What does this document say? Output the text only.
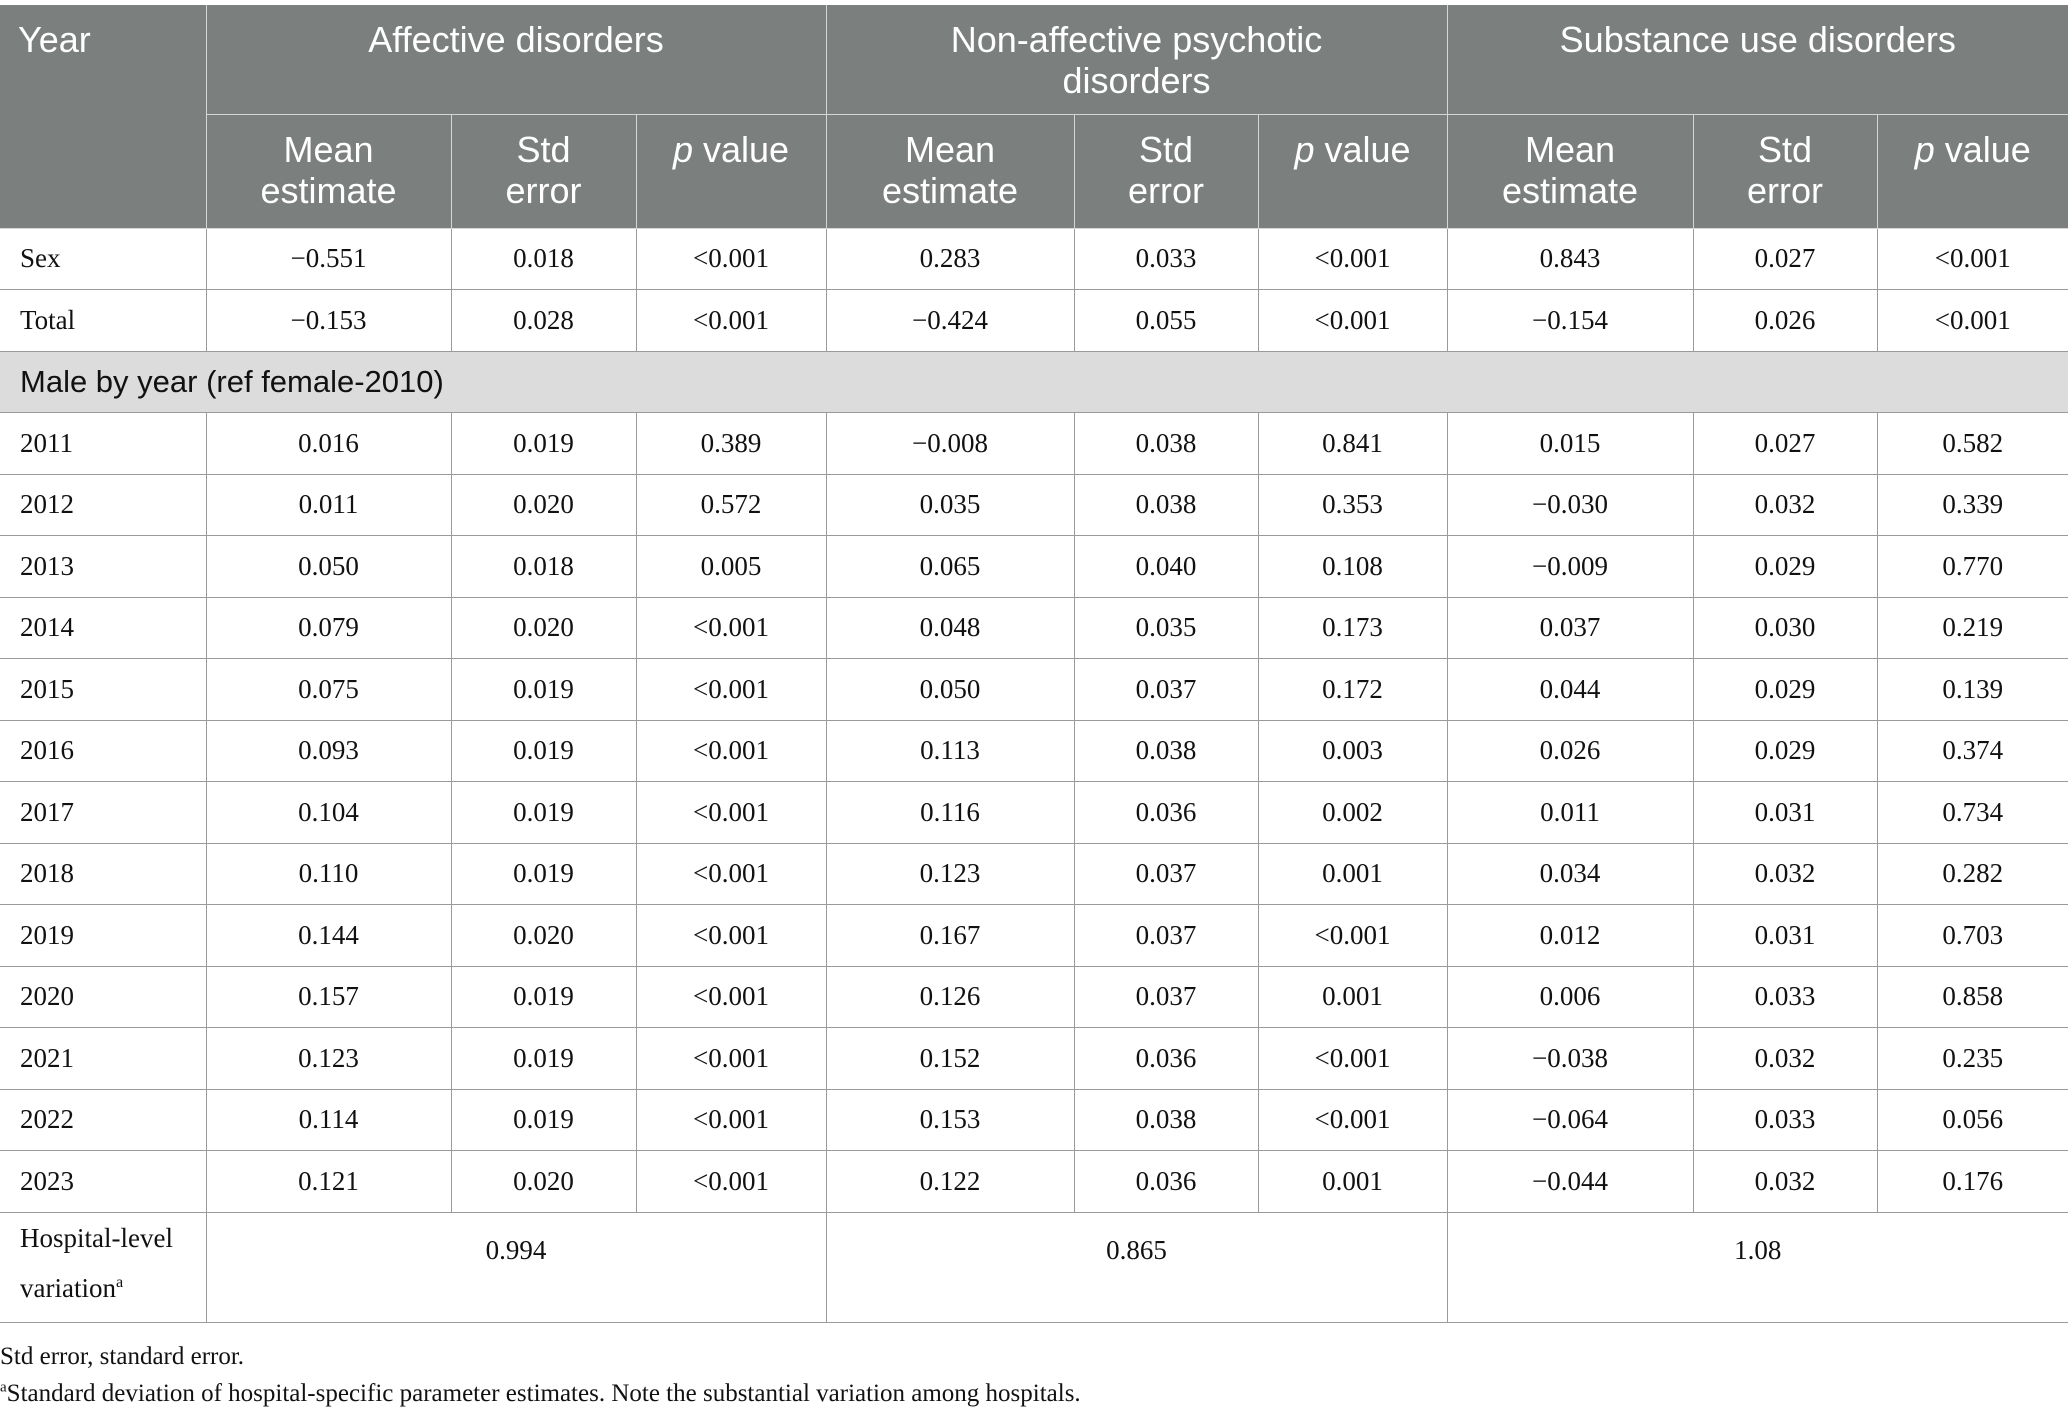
Year	Affective disorders			Non-affective psychotic disorders			Substance use disorders		
	Mean estimate	Std error	p value	Mean estimate	Std error	p value	Mean estimate	Std error	p value
Sex	−0.551	0.018	<0.001	0.283	0.033	<0.001	0.843	0.027	<0.001
Total	−0.153	0.028	<0.001	−0.424	0.055	<0.001	−0.154	0.026	<0.001
Male by year (ref female-2010)									
2011	0.016	0.019	0.389	−0.008	0.038	0.841	0.015	0.027	0.582
2012	0.011	0.020	0.572	0.035	0.038	0.353	−0.030	0.032	0.339
2013	0.050	0.018	0.005	0.065	0.040	0.108	−0.009	0.029	0.770
2014	0.079	0.020	<0.001	0.048	0.035	0.173	0.037	0.030	0.219
2015	0.075	0.019	<0.001	0.050	0.037	0.172	0.044	0.029	0.139
2016	0.093	0.019	<0.001	0.113	0.038	0.003	0.026	0.029	0.374
2017	0.104	0.019	<0.001	0.116	0.036	0.002	0.011	0.031	0.734
2018	0.110	0.019	<0.001	0.123	0.037	0.001	0.034	0.032	0.282
2019	0.144	0.020	<0.001	0.167	0.037	<0.001	0.012	0.031	0.703
2020	0.157	0.019	<0.001	0.126	0.037	0.001	0.006	0.033	0.858
2021	0.123	0.019	<0.001	0.152	0.036	<0.001	−0.038	0.032	0.235
2022	0.114	0.019	<0.001	0.153	0.038	<0.001	−0.064	0.033	0.056
2023	0.121	0.020	<0.001	0.122	0.036	0.001	−0.044	0.032	0.176
Hospital-level
variation$^a$	0.994			0.865			1.08		
Std error, standard error.
$^a$Standard deviation of hospital-specific parameter estimates. Note the substantial variation among hospitals.
